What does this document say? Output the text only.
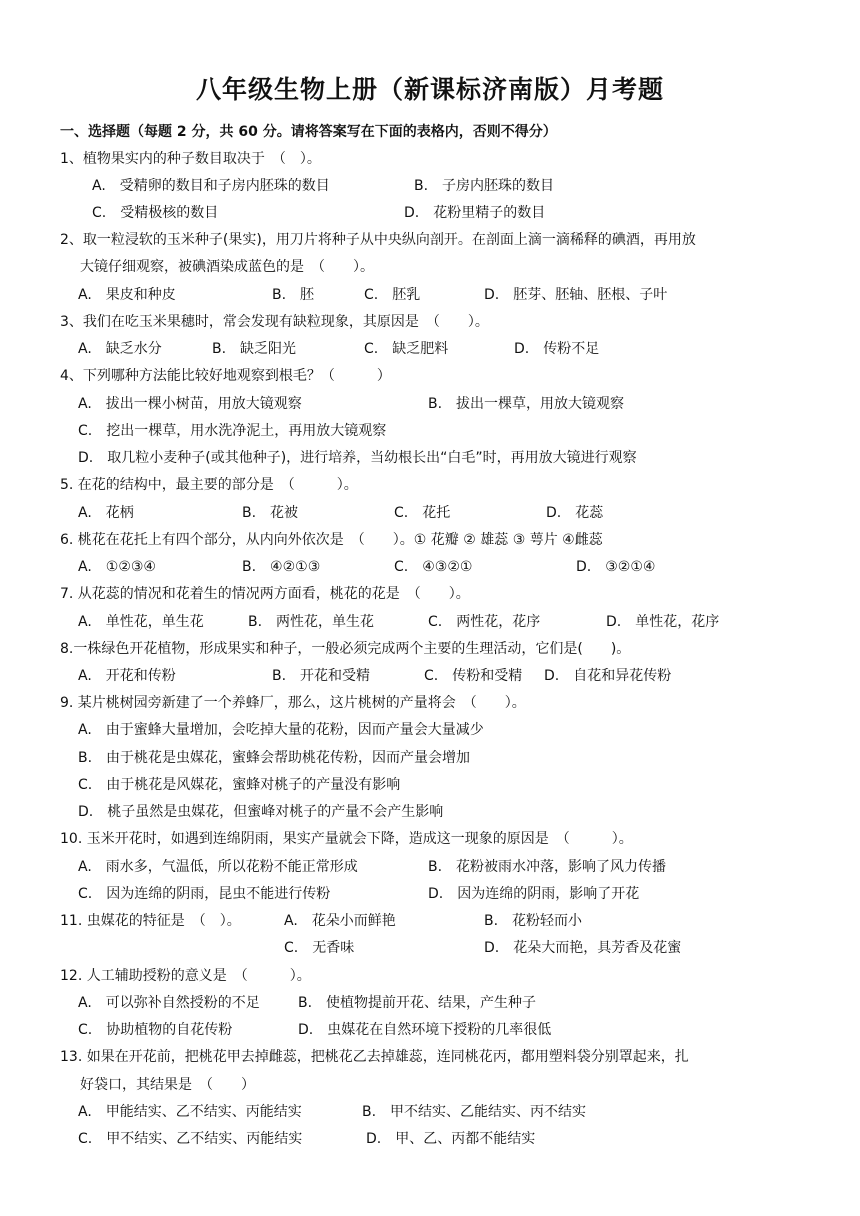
八年级生物上册（新课标济南版）月考题
一、选择题（每题 2 分，共 60 分。请将答案写在下面的表格内，否则不得分）
1、植物果实内的种子数目取决于　（　）。
A.　受精卵的数目和子房内胚珠的数目	B.　子房内胚珠的数目
C.　受精极核的数目	D.　花粉里精子的数目
2、取一粒浸软的玉米种子(果实)，用刀片将种子从中央纵向剖开。在剖面上滴一滴稀释的碘酒，再用放
大镜仔细观察，被碘酒染成蓝色的是　（　　）。
A.　果皮和种皮	B.　胚	C.　胚乳	D.　胚芽、胚轴、胚根、子叶
3、我们在吃玉米果穗时，常会发现有缺粒现象，其原因是　（　　）。
A.　缺乏水分	B.　缺乏阳光	C.　缺乏肥料	D.　传粉不足
4、下列哪种方法能比较好地观察到根毛？（　　　）
A.　拔出一棵小树苗，用放大镜观察	B.　拔出一棵草，用放大镜观察
C.　挖出一棵草，用水洗净泥土，再用放大镜观察
D.　取几粒小麦种子(或其他种子)，进行培养，当幼根长出“白毛”时，再用放大镜进行观察
5. 在花的结构中，最主要的部分是　（　　　）。
A.　花柄	B.　花被	C.　花托	D.　花蕊
6. 桃花在花托上有四个部分，从内向外依次是　（　　）。① 花瓣 ② 雄蕊 ③ 萼片 ④雌蕊
A.　①②③④	B.　④②①③	C.　④③②①	D.　③②①④
7. 从花蕊的情况和花着生的情况两方面看，桃花的花是　（　　）。
A.　单性花，单生花	B.　两性花，单生花	C.　两性花，花序	D.　单性花，花序
8.一株绿色开花植物，形成果实和种子，一般必须完成两个主要的生理活动，它们是(　　)。
A.　开花和传粉	B.　开花和受精	C.　传粉和受精 D.　自花和异花传粉
9. 某片桃树园旁新建了一个养蜂厂，那么，这片桃树的产量将会　（　　）。
A.　由于蜜蜂大量增加，会吃掉大量的花粉，因而产量会大量减少
B.　由于桃花是虫媒花，蜜蜂会帮助桃花传粉，因而产量会增加
C.　由于桃花是风媒花，蜜蜂对桃子的产量没有影响
D.　桃子虽然是虫媒花，但蜜峰对桃子的产量不会产生影响
10. 玉米开花时，如遇到连绵阴雨，果实产量就会下降，造成这一现象的原因是　（　　　）。
A.　雨水多，气温低，所以花粉不能正常形成	B.　花粉被雨水冲落，影响了风力传播
C.　因为连绵的阴雨，昆虫不能进行传粉	D.　因为连绵的阴雨，影响了开花
11. 虫媒花的特征是　（　）。	A.　花朵小而鲜艳	B.　花粉轻而小
C.　无香味	D.　花朵大而艳，具芳香及花蜜
12. 人工辅助授粉的意义是　（　　　）。
A.　可以弥补自然授粉的不足	B.　使植物提前开花、结果，产生种子
C.　协助植物的自花传粉	D.　虫媒花在自然环境下授粉的几率很低
13. 如果在开花前，把桃花甲去掉雌蕊，把桃花乙去掉雄蕊，连同桃花丙，都用塑料袋分别罩起来，扎
好袋口，其结果是　（　　）
A.　甲能结实、乙不结实、丙能结实	B.　甲不结实、乙能结实、丙不结实
C.　甲不结实、乙不结实、丙能结实	D.　甲、乙、丙都不能结实
